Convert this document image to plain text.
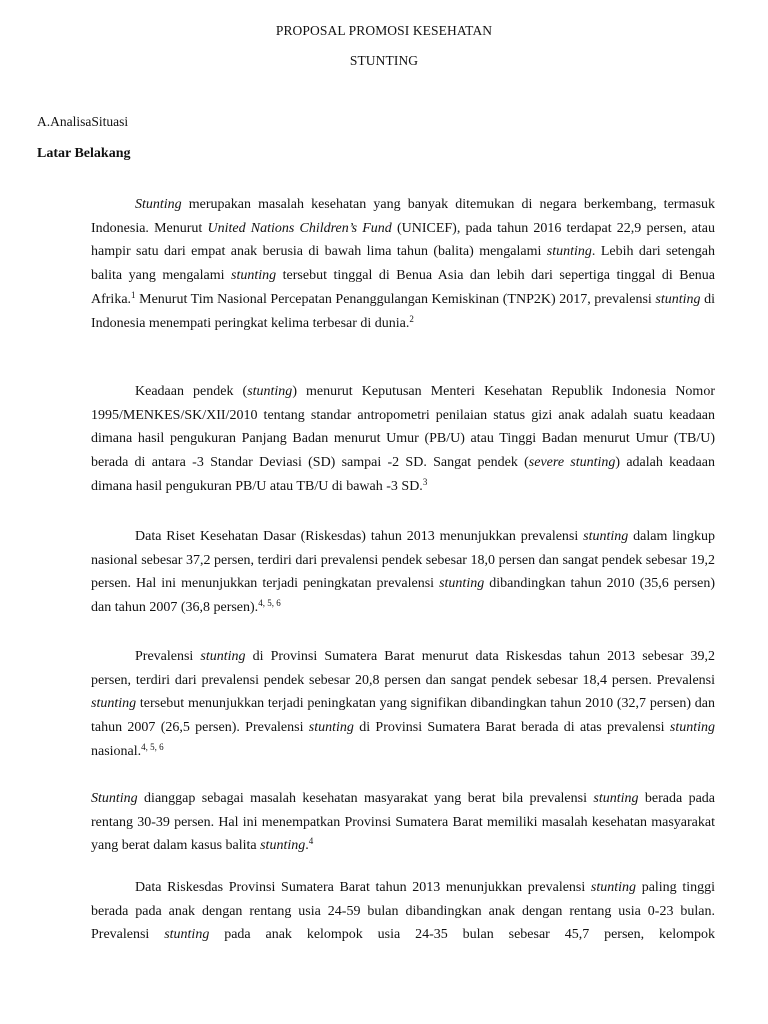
PROPOSAL PROMOSI KESEHATAN
STUNTING
A.AnalisaSituasi
Latar Belakang

Stunting merupakan masalah kesehatan yang banyak ditemukan di negara berkembang, termasuk Indonesia. Menurut United Nations Children’s Fund (UNICEF), pada tahun 2016 terdapat 22,9 persen, atau hampir satu dari empat anak berusia di bawah lima tahun (balita) mengalami stunting. Lebih dari setengah balita yang mengalami stunting tersebut tinggal di Benua Asia dan lebih dari sepertiga tinggal di Benua Afrika.$^1$ Menurut Tim Nasional Percepatan Penanggulangan Kemiskinan (TNP2K) 2017, prevalensi stunting di Indonesia menempati peringkat kelima terbesar di dunia.$^2$

Keadaan pendek (stunting) menurut Keputusan Menteri Kesehatan Republik Indonesia Nomor 1995/MENKES/SK/XII/2010 tentang standar antropometri penilaian status gizi anak adalah suatu keadaan dimana hasil pengukuran Panjang Badan menurut Umur (PB/U) atau Tinggi Badan menurut Umur (TB/U) berada di antara -3 Standar Deviasi (SD) sampai -2 SD. Sangat pendek (severe stunting) adalah keadaan dimana hasil pengukuran PB/U atau TB/U di bawah -3 SD.$^3$

Data Riset Kesehatan Dasar (Riskesdas) tahun 2013 menunjukkan prevalensi stunting dalam lingkup nasional sebesar 37,2 persen, terdiri dari prevalensi pendek sebesar 18,0 persen dan sangat pendek sebesar 19,2 persen. Hal ini menunjukkan terjadi peningkatan prevalensi stunting dibandingkan tahun 2010 (35,6 persen) dan tahun 2007 (36,8 persen).$^{4, 5, 6}$

Prevalensi stunting di Provinsi Sumatera Barat menurut data Riskesdas tahun 2013 sebesar 39,2 persen, terdiri dari prevalensi pendek sebesar 20,8 persen dan sangat pendek sebesar 18,4 persen. Prevalensi stunting tersebut menunjukkan terjadi peningkatan yang signifikan dibandingkan tahun 2010 (32,7 persen) dan tahun 2007 (26,5 persen). Prevalensi stunting di Provinsi Sumatera Barat berada di atas prevalensi stunting nasional.$^{4, 5, 6}$

Stunting dianggap sebagai masalah kesehatan masyarakat yang berat bila prevalensi stunting berada pada rentang 30-39 persen. Hal ini menempatkan Provinsi Sumatera Barat memiliki masalah kesehatan masyarakat yang berat dalam kasus balita stunting.$^4$

Data Riskesdas Provinsi Sumatera Barat tahun 2013 menunjukkan prevalensi stunting paling tinggi berada pada anak dengan rentang usia 24-59 bulan dibandingkan anak dengan rentang usia 0-23 bulan. Prevalensi stunting pada anak kelompok usia 24-35 bulan sebesar 45,7 persen, kelompok
